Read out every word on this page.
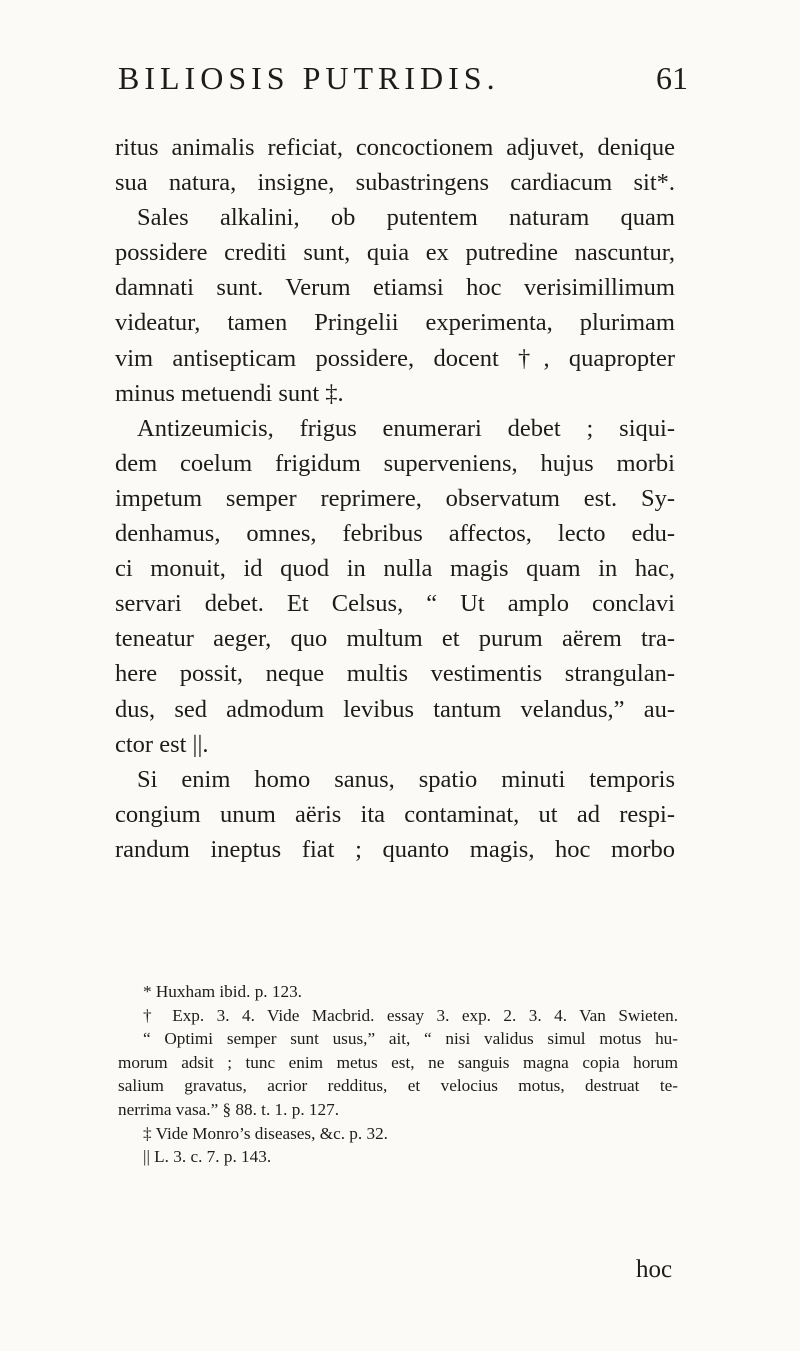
BILIOSIS PUTRIDIS.	61
ritus animalis reficiat, concoctionem adjuvet, denique
sua natura, insigne, subastringens cardiacum sit*.
Sales alkalini, ob putentem naturam quam
possidere crediti sunt, quia ex putredine nascuntur,
damnati sunt. Verum etiamsi hoc verisimillimum
videatur, tamen Pringelii experimenta, plurimam
vim antisepticam possidere, docent †, quapropter
minus metuendi sunt ‡.
Antizeumicis, frigus enumerari debet ; siqui-
dem coelum frigidum superveniens, hujus morbi
impetum semper reprimere, observatum est. Sy-
denhamus, omnes, febribus affectos, lecto edu-
ci monuit, id quod in nulla magis quam in hac,
servari debet. Et Celsus, “ Ut amplo conclavi
teneatur aeger, quo multum et purum aërem tra-
here possit, neque multis vestimentis strangulan-
dus, sed admodum levibus tantum velandus,” au-
ctor est ||.
Si enim homo sanus, spatio minuti temporis
congium unum aëris ita contaminat, ut ad respi-
randum ineptus fiat ; quanto magis, hoc morbo
* Huxham ibid. p. 123.
† Exp. 3. 4. Vide Macbrid. essay 3. exp. 2. 3. 4. Van Swieten.
“ Optimi semper sunt usus,” ait, “ nisi validus simul motus hu-
morum adsit ; tunc enim metus est, ne sanguis magna copia horum
salium gravatus, acrior redditus, et velocius motus, destruat te-
nerrima vasa.” § 88. t. 1. p. 127.
‡ Vide Monro’s diseases, &c. p. 32.
|| L. 3. c. 7. p. 143.
hoc
